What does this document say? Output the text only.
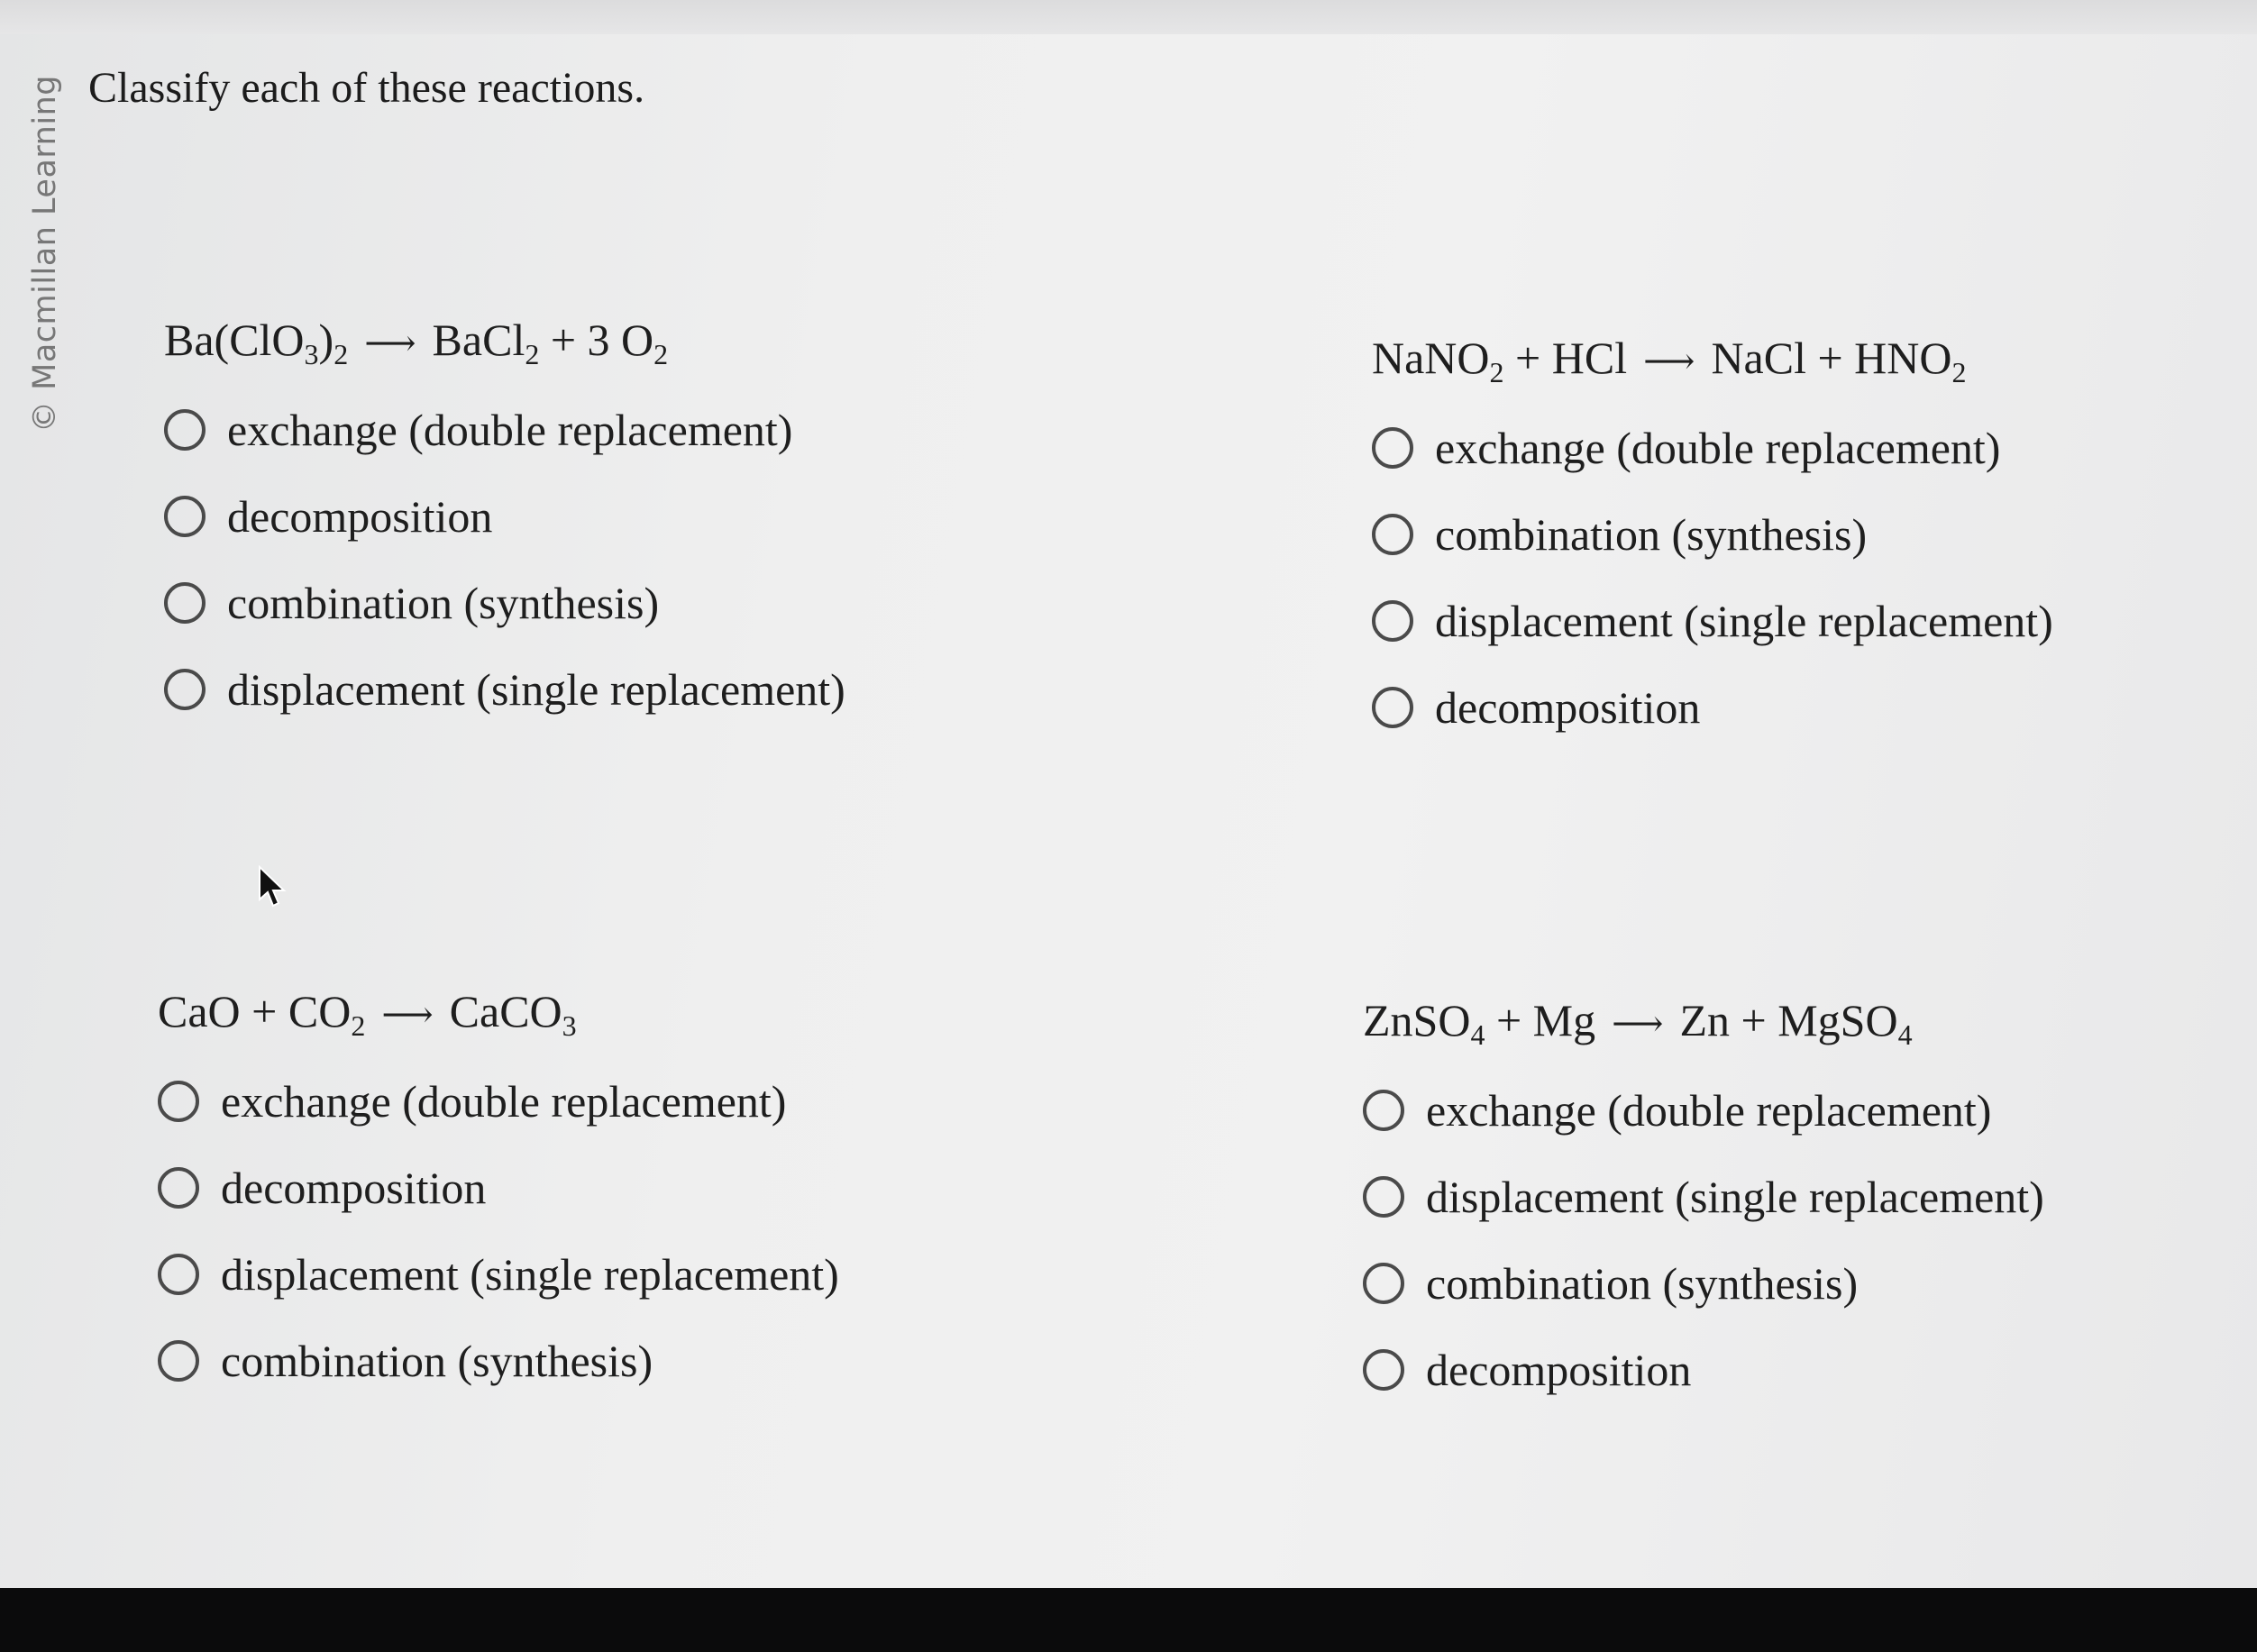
© Macmillan Learning Classify each of these reactions.
$Ba(ClO_3)_2$ ⟶ BaCl$_2$ + 3 $O_2$
exchange (double replacement)
decomposition
combination (synthesis)
displacement (single replacement)
NaNO$_2$ + HCl ⟶ NaCl + $HNO_2$
exchange (double replacement)
combination (synthesis)
displacement (single replacement)
decomposition
CaO + $CO_2$ ⟶ CaCO$_3$
exchange (double replacement)
decomposition
displacement (single replacement)
combination (synthesis)
ZnSO$_4$ + Mg ⟶ Zn + MgSO$_4$
exchange (double replacement)
displacement (single replacement)
combination (synthesis)
decomposition
